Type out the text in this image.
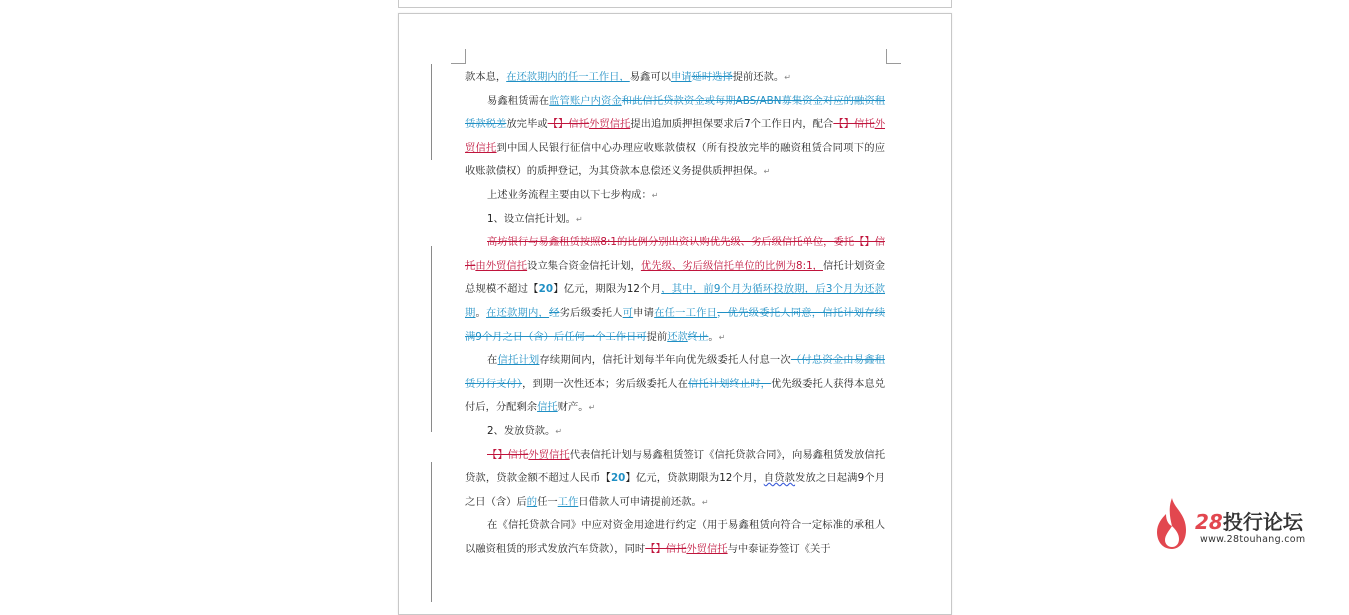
款本息，在还款期内的任一工作日，易鑫可以申请延时选择提前还款。↵

易鑫租赁需在监管账户内资金和此信托贷款资金或每期ABS/ABN募集资金对应的融资租赁款税差放完毕或【】信托外贸信托提出追加质押担保要求后7个工作日内，配合【】信托外贸信托到中国人民银行征信中心办理应收账款债权（所有投放完毕的融资租赁合同项下的应收账款债权）的质押登记，为其贷款本息偿还义务提供质押担保。↵

上述业务流程主要由以下七步构成：↵

1、设立信托计划。↵

高坊银行与易鑫租赁按照8:1的比例分别出资认购优先级、劣后级信托单位，委托【】信托由外贸信托设立集合资金信托计划，优先级、劣后级信托单位的比例为8:1，信托计划资金总规模不超过【20】亿元，期限为12个月，其中，前9个月为循环投放期，后3个月为还款期。在还款期内，经劣后级委托人可申请在任一工作日，优先级委托人同意，信托计划存续满9个月之日（含）后任何一个工作日可提前还款终止。↵

在信托计划存续期间内，信托计划每半年向优先级委托人付息一次（付息资金由易鑫租赁另行支付），到期一次性还本；劣后级委托人在信托计划终止时，优先级委托人获得本息兑付后，分配剩余信托财产。↵

2、发放贷款。↵

【】信托外贸信托代表信托计划与易鑫租赁签订《信托贷款合同》，向易鑫租赁发放信托贷款，贷款金额不超过人民币【20】亿元，贷款期限为12个月，自贷款发放之日起满9个月之日（含）后的任一工作日借款人可申请提前还款。↵

在《信托贷款合同》中应对资金用途进行约定（用于易鑫租赁向符合一定标准的承租人以融资租赁的形式发放汽车贷款），同时【】信托外贸信托与中泰证券签订《关于

28投行论坛
www.28touhang.com
